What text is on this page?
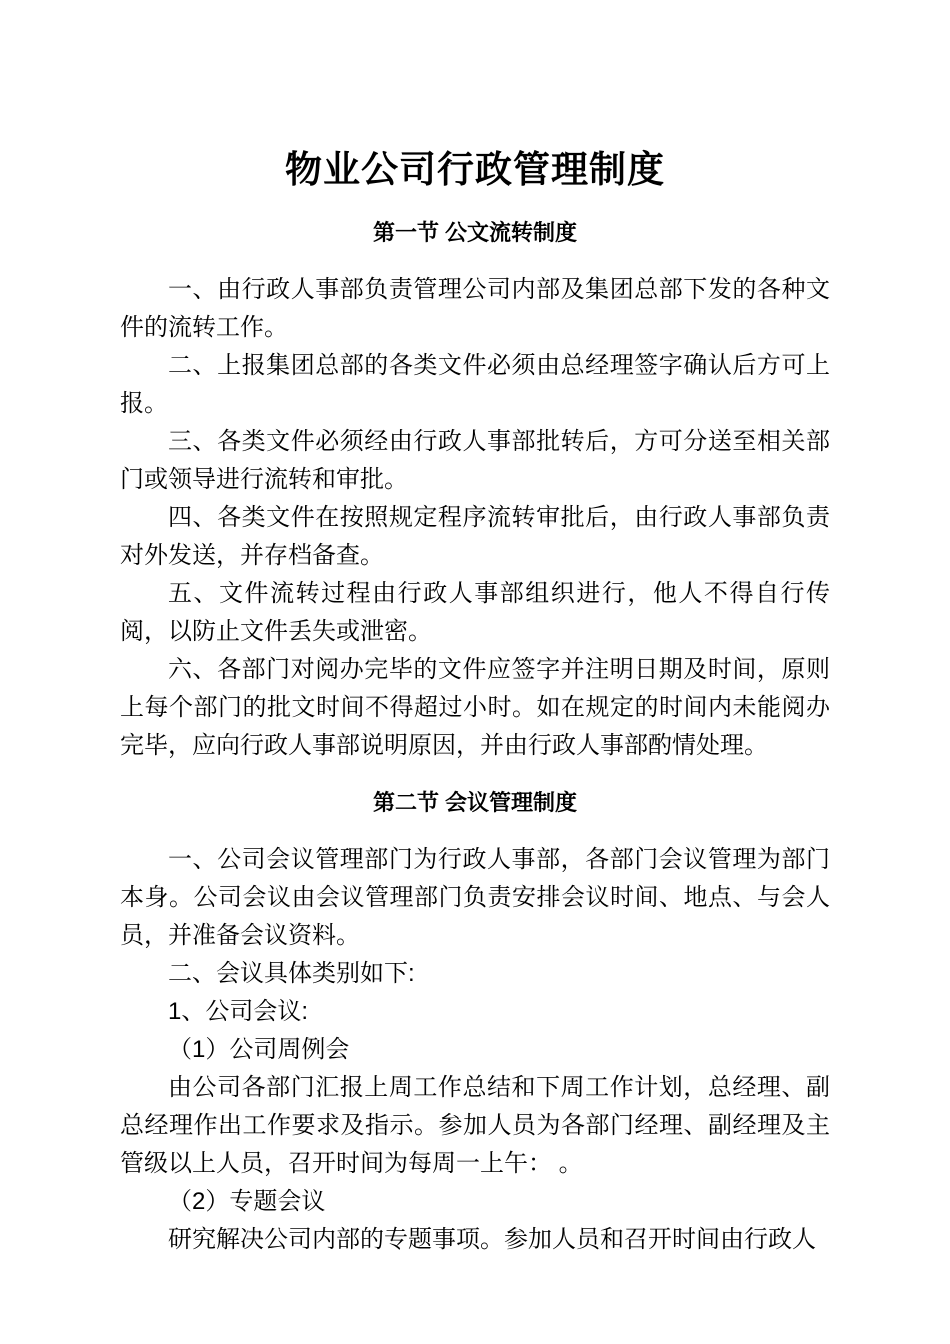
物业公司行政管理制度
第一节 公文流转制度

一、由行政人事部负责管理公司内部及集团总部下发的各种文件的流转工作。

二、上报集团总部的各类文件必须由总经理签字确认后方可上报。

三、各类文件必须经由行政人事部批转后，方可分送至相关部门或领导进行流转和审批。

四、各类文件在按照规定程序流转审批后，由行政人事部负责对外发送，并存档备查。

五、文件流转过程由行政人事部组织进行，他人不得自行传阅，以防止文件丢失或泄密。

六、各部门对阅办完毕的文件应签字并注明日期及时间，原则上每个部门的批文时间不得超过小时。如在规定的时间内未能阅办完毕，应向行政人事部说明原因，并由行政人事部酌情处理。

第二节 会议管理制度

一、公司会议管理部门为行政人事部，各部门会议管理为部门本身。公司会议由会议管理部门负责安排会议时间、地点、与会人员，并准备会议资料。

二、会议具体类别如下:

1、公司会议:

（1）公司周例会

由公司各部门汇报上周工作总结和下周工作计划，总经理、副总经理作出工作要求及指示。参加人员为各部门经理、副经理及主管级以上人员，召开时间为每周一上午： 。

（2）专题会议

研究解决公司内部的专题事项。参加人员和召开时间由行政人
